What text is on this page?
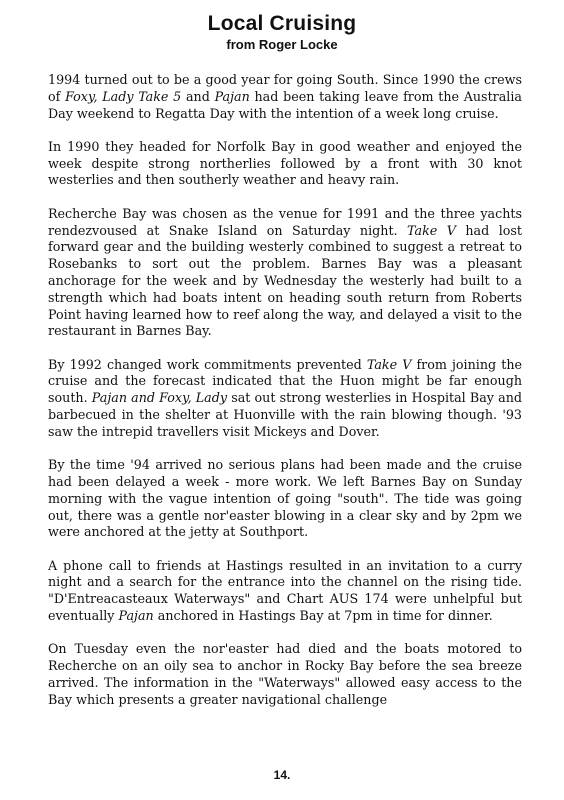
Local Cruising
from Roger Locke

1994 turned out to be a good year for going South. Since 1990 the crews of Foxy, Lady Take 5 and Pajan had been taking leave from the Australia Day weekend to Regatta Day with the intention of a week long cruise.

In 1990 they headed for Norfolk Bay in good weather and enjoyed the week despite strong northerlies followed by a front with 30 knot westerlies and then southerly weather and heavy rain.

Recherche Bay was chosen as the venue for 1991 and the three yachts rendezvoused at Snake Island on Saturday night. Take V had lost forward gear and the building westerly combined to suggest a retreat to Rosebanks to sort out the problem. Barnes Bay was a pleasant anchorage for the week and by Wednesday the westerly had built to a strength which had boats intent on heading south return from Roberts Point having learned how to reef along the way, and delayed a visit to the restaurant in Barnes Bay.

By 1992 changed work commitments prevented Take V from joining the cruise and the forecast indicated that the Huon might be far enough south. Pajan and Foxy, Lady sat out strong westerlies in Hospital Bay and barbecued in the shelter at Huonville with the rain blowing though. '93 saw the intrepid travellers visit Mickeys and Dover.

By the time '94 arrived no serious plans had been made and the cruise had been delayed a week - more work. We left Barnes Bay on Sunday morning with the vague intention of going "south". The tide was going out, there was a gentle nor'easter blowing in a clear sky and by 2pm we were anchored at the jetty at Southport.

A phone call to friends at Hastings resulted in an invitation to a curry night and a search for the entrance into the channel on the rising tide. "D'Entreacasteaux Waterways" and Chart AUS 174 were unhelpful but eventually Pajan anchored in Hastings Bay at 7pm in time for dinner.

On Tuesday even the nor'easter had died and the boats motored to Recherche on an oily sea to anchor in Rocky Bay before the sea breeze arrived. The information in the "Waterways" allowed easy access to the Bay which presents a greater navigational challenge

14.
